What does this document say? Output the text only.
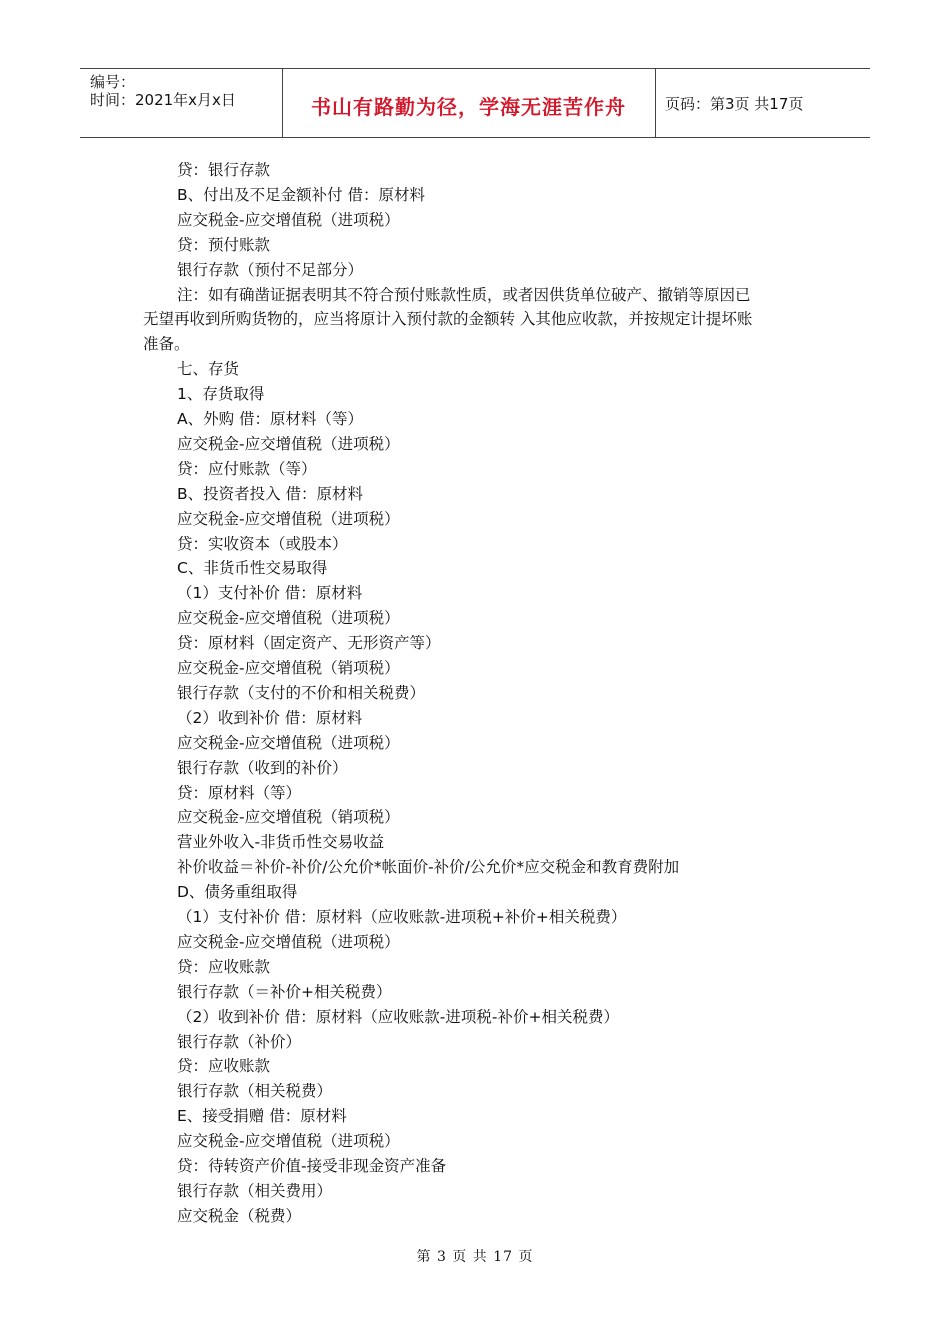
编号：
时间：2021年x月x日	书山有路勤为径，学海无涯苦作舟	页码：第3页 共17页
贷：银行存款
B、付出及不足金额补付 借：原材料
应交税金-应交增值税（进项税）
贷：预付账款
银行存款（预付不足部分）
注：如有确凿证据表明其不符合预付账款性质，或者因供货单位破产、撤销等原因已
无望再收到所购货物的，应当将原计入预付款的金额转 入其他应收款，并按规定计提坏账
准备。
七、存货
1、存货取得
A、外购 借：原材料（等）
应交税金-应交增值税（进项税）
贷：应付账款（等）
B、投资者投入 借：原材料
应交税金-应交增值税（进项税）
贷：实收资本（或股本）
C、非货币性交易取得
（1）支付补价 借：原材料
应交税金-应交增值税（进项税）
贷：原材料（固定资产、无形资产等）
应交税金-应交增值税（销项税）
银行存款（支付的不价和相关税费）
（2）收到补价 借：原材料
应交税金-应交增值税（进项税）
银行存款（收到的补价）
贷：原材料（等）
应交税金-应交增值税（销项税）
营业外收入-非货币性交易收益
补价收益＝补价-补价/公允价*帐面价-补价/公允价*应交税金和教育费附加
D、债务重组取得
（1）支付补价 借：原材料（应收账款-进项税+补价+相关税费）
应交税金-应交增值税（进项税）
贷：应收账款
银行存款（＝补价+相关税费）
（2）收到补价 借：原材料（应收账款-进项税-补价+相关税费）
银行存款（补价）
贷：应收账款
银行存款（相关税费）
E、接受捐赠 借：原材料
应交税金-应交增值税（进项税）
贷：待转资产价值-接受非现金资产准备
银行存款（相关费用）
应交税金（税费）
第 3 页 共 17 页
